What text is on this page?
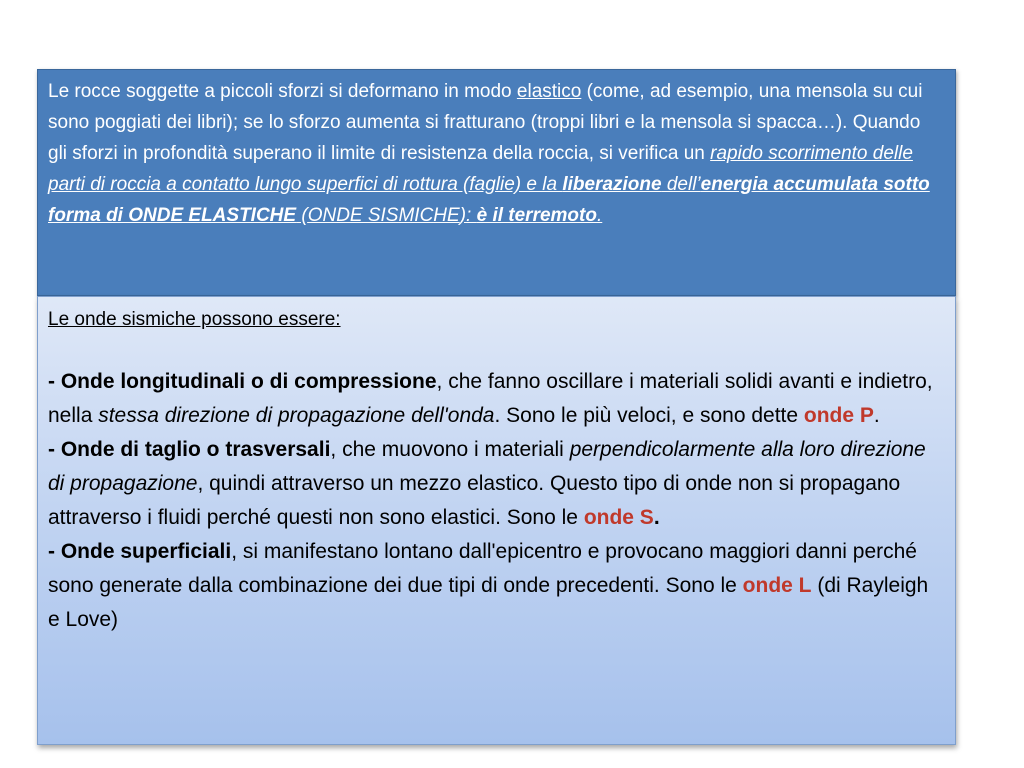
Le rocce soggette a piccoli sforzi si deformano in modo elastico (come, ad esempio, una mensola su cui sono poggiati dei libri); se lo sforzo aumenta si fratturano (troppi libri e la mensola si spacca…). Quando gli sforzi in profondità superano il limite di resistenza della roccia, si verifica un rapido scorrimento delle parti di roccia a contatto lungo superfici di rottura (faglie) e la liberazione dell’energia accumulata sotto forma di ONDE ELASTICHE (ONDE SISMICHE): è il terremoto.
Le onde sismiche possono essere:

- Onde longitudinali o di compressione, che fanno oscillare i materiali solidi avanti e indietro, nella stessa direzione di propagazione dell'onda. Sono le più veloci, e sono dette onde P.

- Onde di taglio o trasversali, che muovono i materiali perpendicolarmente alla loro direzione di propagazione, quindi attraverso un mezzo elastico. Questo tipo di onde non si propagano attraverso i fluidi perché questi non sono elastici. Sono le onde S.

- Onde superficiali, si manifestano lontano dall'epicentro e provocano maggiori danni perché sono generate dalla combinazione dei due tipi di onde precedenti. Sono le onde L (di Rayleigh e Love)
